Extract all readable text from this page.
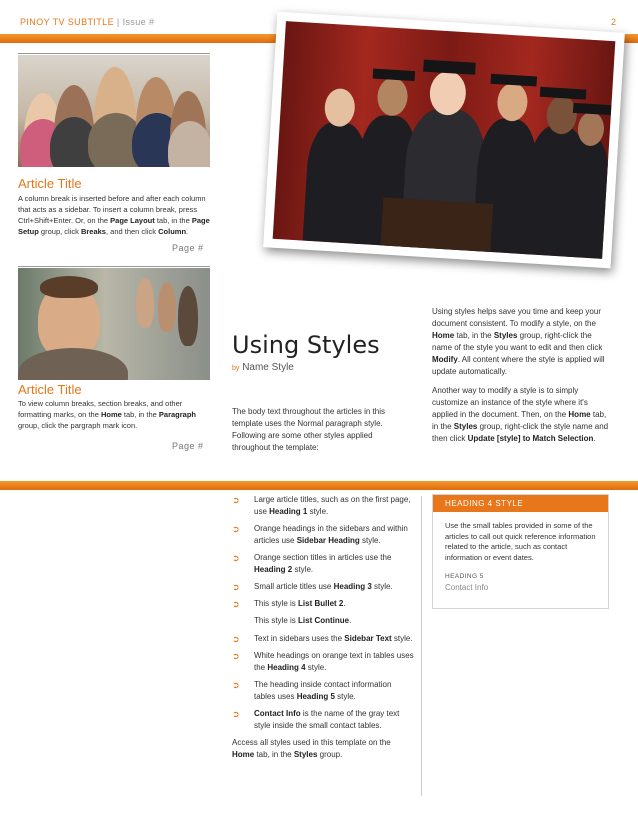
PINOY TV SUBTITLE | Issue #	2
Article Title
A column break is inserted before and after each column that acts as a sidebar. To insert a column break, press Ctrl+Shift+Enter. Or, on the Page Layout tab, in the Page Setup group, click Breaks, and then click Column.
Page #
Article Title
To view column breaks, section breaks, and other formatting marks, on the Home tab, in the Paragraph group, click the pargraph mark icon.
Page #
Using Styles
by Name Style
The body text throughout the articles in this template uses the Normal paragraph style. Following are some other styles applied throughout the template:

Using styles helps save you time and keep your document consistent. To modify a style, on the Home tab, in the Styles group, right-click the name of the style you want to edit and then click Modify. All content where the style is applied will update automatically.

Another way to modify a style is to simply customize an instance of the style where it's applied in the document. Then, on the Home tab, in the Styles group, right-click the style name and then click Update [style] to Match Selection.

➲ Large article titles, such as on the first page, use Heading 1 style.
➲ Orange headings in the sidebars and within articles use Sidebar Heading style.
➲ Orange section titles in articles use the Heading 2 style.
➲ Small article titles use Heading 3 style.
➲ This style is List Bullet 2.
This style is List Continue.
➲ Text in sidebars uses the Sidebar Text style.
➲ White headings on orange text in tables uses the Heading 4 style.
➲ The heading inside contact information tables uses Heading 5 style.
➲ Contact Info is the name of the gray text style inside the small contact tables.
Access all styles used in this template on the Home tab, in the Styles group.
HEADING 4 STYLE
Use the small tables provided in some of the articles to call out quick reference information related to the article, such as contact information or event dates.
HEADING 5
Contact Info
